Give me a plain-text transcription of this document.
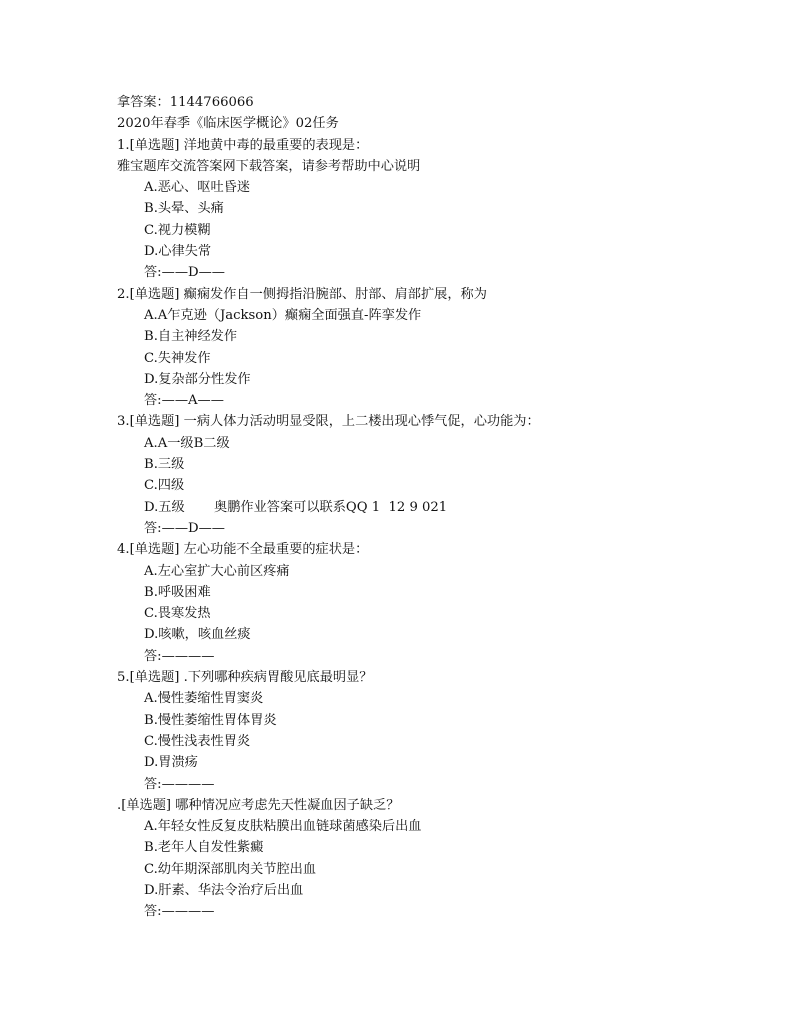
拿答案：1144766066
2020年春季《临床医学概论》02任务
1.[单选题] 洋地黄中毒的最重要的表现是：
雅宝题库交流答案网下载答案，请参考帮助中心说明
A.恶心、呕吐昏迷
B.头晕、头痛
C.视力模糊
D.心律失常
答:——D——
2.[单选题] 癫痫发作自一侧拇指沿腕部、肘部、肩部扩展，称为
A.A乍克逊（Jackson）癫痫全面强直-阵挛发作
B.自主神经发作
C.失神发作
D.复杂部分性发作
答:——A——
3.[单选题] 一病人体力活动明显受限，上二楼出现心悸气促，心功能为：
A.A一级B二级
B.三级
C.四级
D.五级       奥鹏作业答案可以联系QQ 1  12 9 021
答:——D——
4.[单选题] 左心功能不全最重要的症状是：
A.左心室扩大心前区疼痛
B.呼吸困难
C.畏寒发热
D.咳嗽，咳血丝痰
答:————
5.[单选题] .下列哪种疾病胃酸见底最明显？
A.慢性萎缩性胃窦炎
B.慢性萎缩性胃体胃炎
C.慢性浅表性胃炎
D.胃溃疡
答:————
.[单选题] 哪种情况应考虑先天性凝血因子缺乏？
A.年轻女性反复皮肤粘膜出血链球菌感染后出血
B.老年人自发性紫癜
C.幼年期深部肌肉关节腔出血
D.肝素、华法令治疗后出血
答:————
